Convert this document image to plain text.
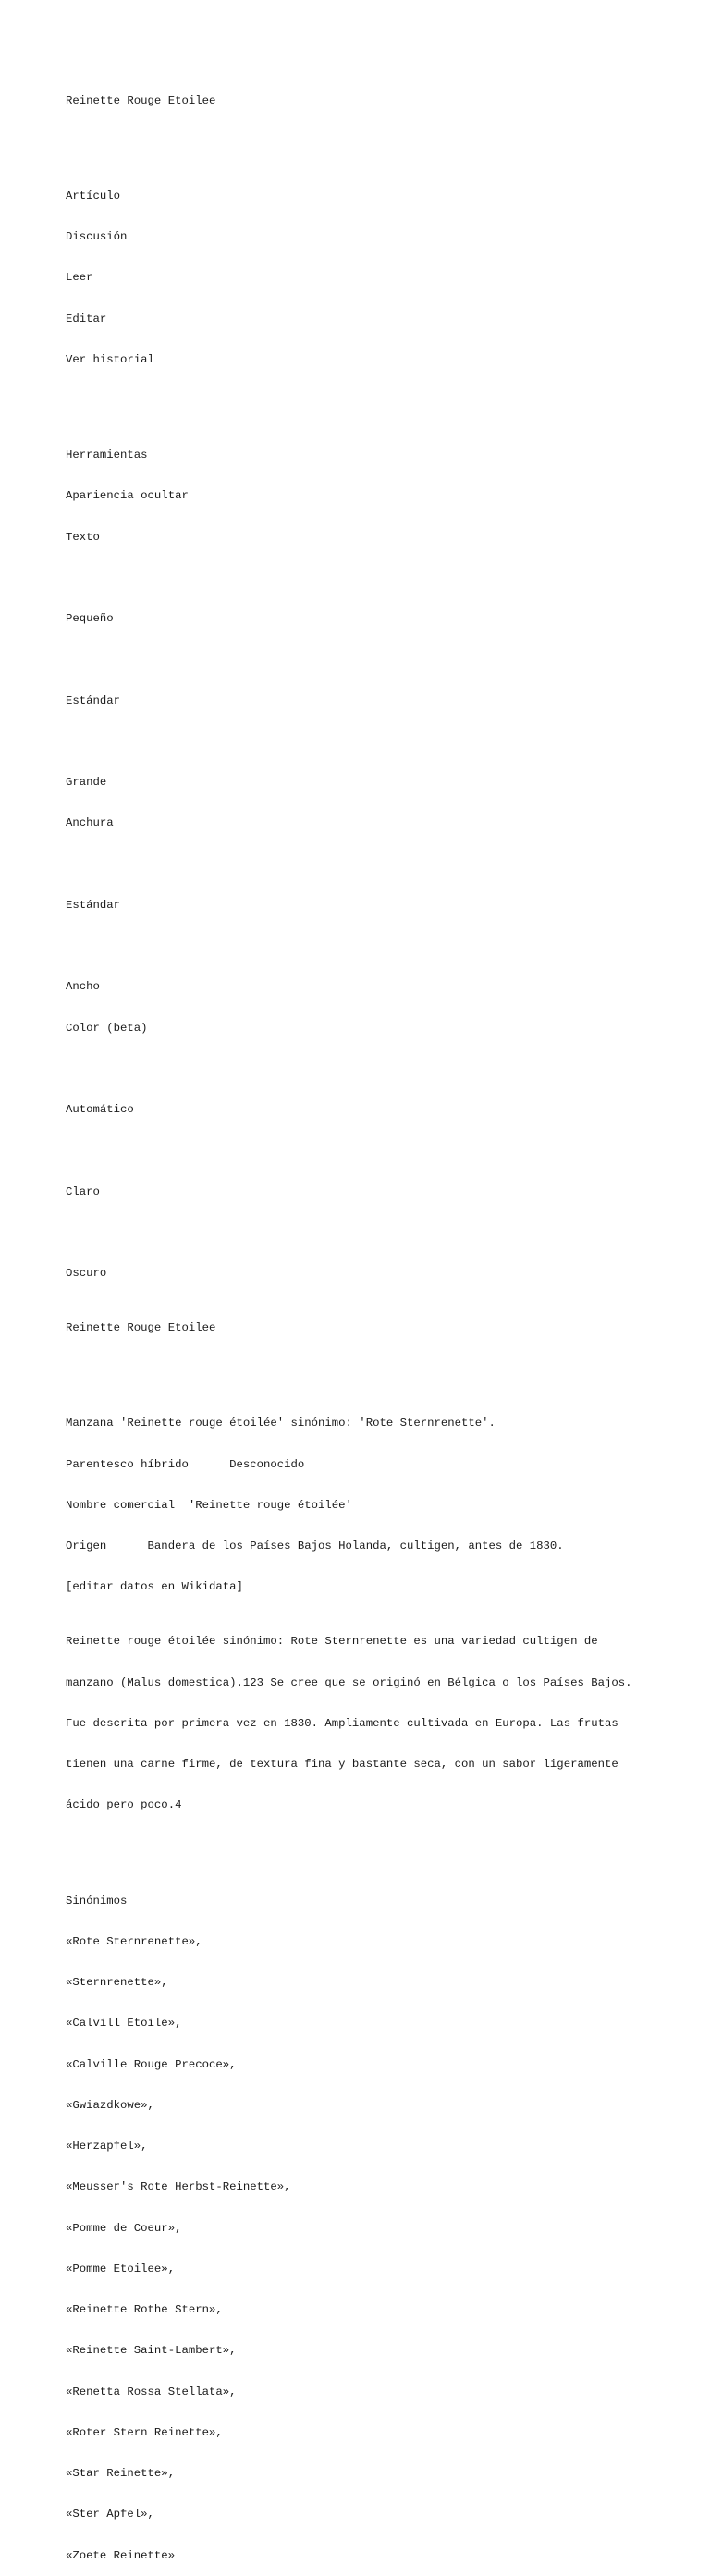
Reinette Rouge Etoilee

Artículo

Discusión

Leer

Editar

Ver historial

Herramientas

Apariencia ocultar

Texto

Pequeño

Estándar

Grande

Anchura

Estándar

Ancho

Color (beta)

Automático

Claro

Oscuro

Reinette Rouge Etoilee

Manzana 'Reinette rouge étoilée' sinónimo: 'Rote Sternrenette'.

Parentesco híbrido      Desconocido

Nombre comercial  'Reinette rouge étoilée'

Origen      Bandera de los Países Bajos Holanda, cultigen, antes de 1830.

[editar datos en Wikidata]

Reinette rouge étoilée sinónimo: Rote Sternrenette es una variedad cultigen de

manzano (Malus domestica).123 Se cree que se originó en Bélgica o los Países Bajos.

Fue descrita por primera vez en 1830. Ampliamente cultivada en Europa. Las frutas

tienen una carne firme, de textura fina y bastante seca, con un sabor ligeramente

ácido pero poco.4

Sinónimos

«Rote Sternrenette»,

«Sternrenette»,

«Calvill Etoile»,

«Calville Rouge Precoce»,

«Gwiazdkowe»,

«Herzapfel»,

«Meusser's Rote Herbst-Reinette»,

«Pomme de Coeur»,

«Pomme Etoilee»,

«Reinette Rothe Stern»,

«Reinette Saint-Lambert»,

«Renetta Rossa Stellata»,

«Roter Stern Reinette»,

«Star Reinette»,

«Ster Apfel»,

«Zoete Reinette»
